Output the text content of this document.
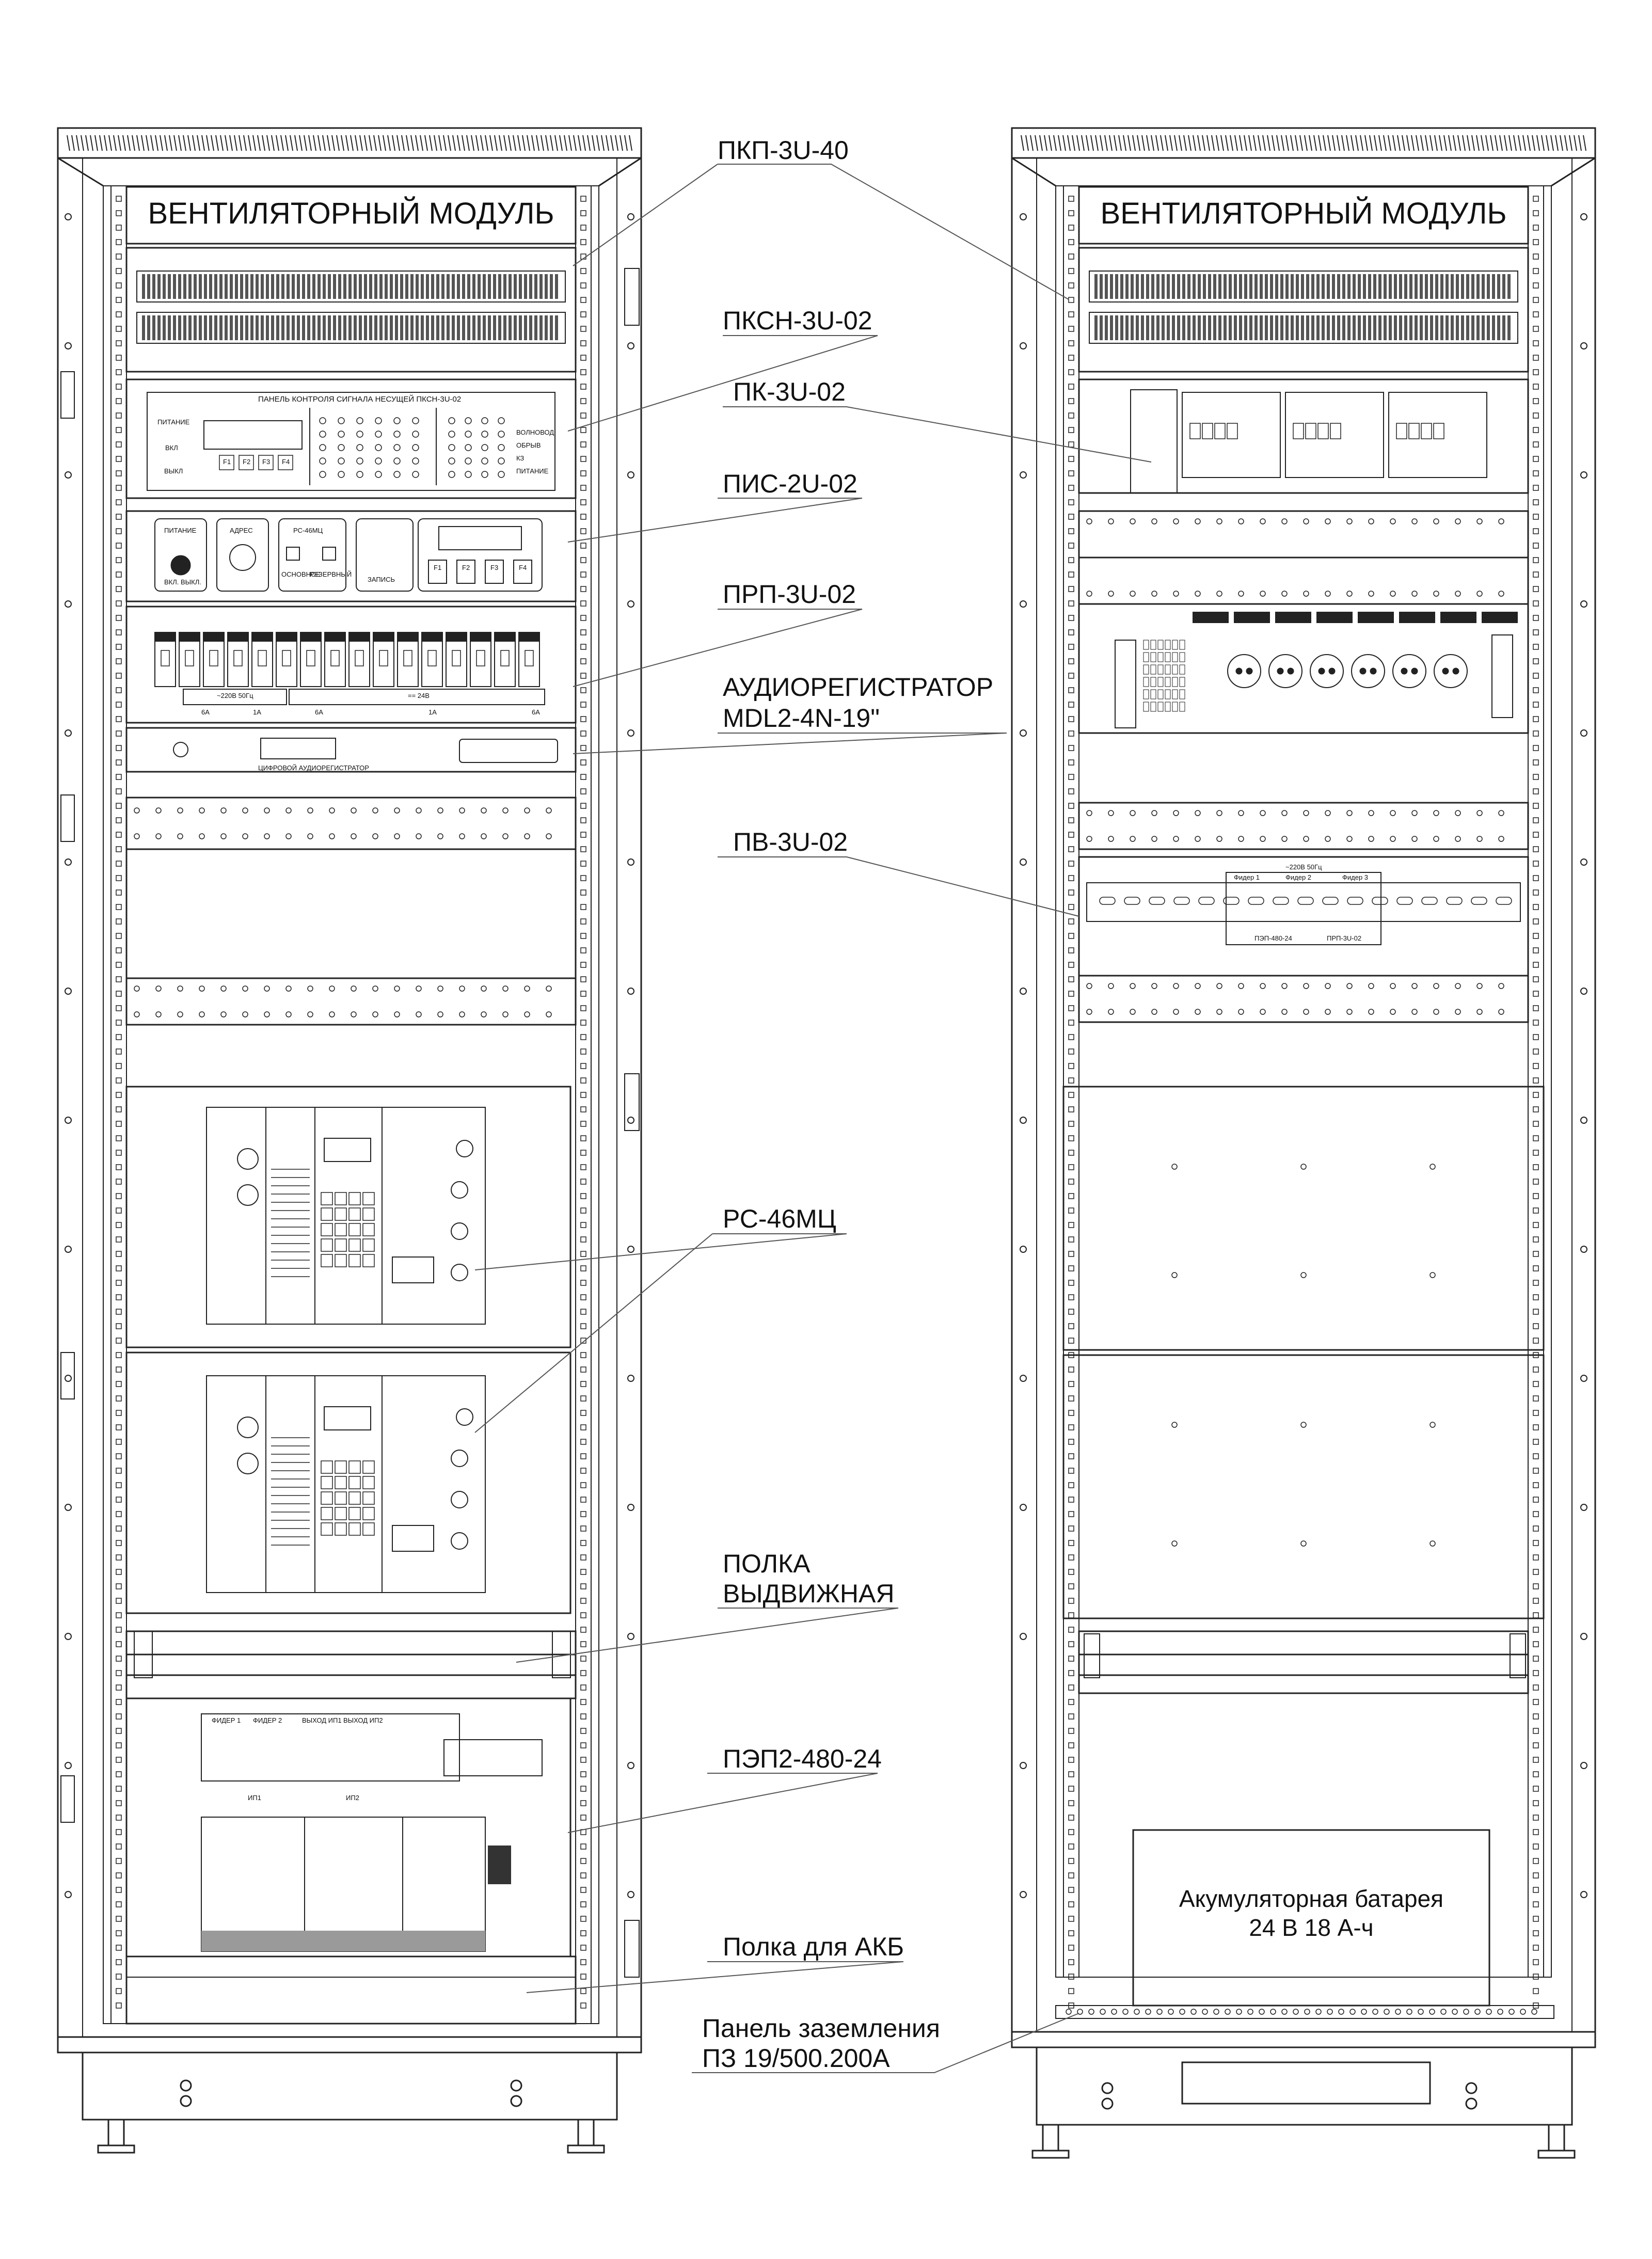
ВЕНТИЛЯТОРНЫЙ МОДУЛЬ	ВЕНТИЛЯТОРНЫЙ МОДУЛЬ
ПАНЕЛЬ КОНТРОЛЯ СИГНАЛА НЕСУЩЕЙ ПКСН-3U-02
ПИТАНИЕ
ВКЛ
ВЫКЛ
F1 F2 F3 F4
ВОЛНОВОД
ОБРЫВ
КЗ
ПИТАНИЕ
ПИТАНИЕ
ВКЛ. ВЫКЛ.
АДРЕС	РС-46МЦ
ОСНОВНОЕ
РЕЗЕРВНЫЙ
ЗАПИСЬ
F1	F2	F3	F4
~220В 50Гц	== 24В
6А	1А	6А	1А	6А
ЦИФРОВОЙ АУДИОРЕГИСТРАТОР
ФИДЕР 1 ФИДЕР 2	ВЫХОД ИП1 ВЫХОД ИП2
ИП1	ИП2
~220В 50Гц
Фидер 1	Фидер 2	Фидер 3
ПЭП-480-24	ПРП-3U-02
Акумуляторная батарея 24 В 18 А-ч
ПКП-3U-40
ПКСН-3U-02
ПК-3U-02
ПИС-2U-02
ПРП-3U-02
АУДИОРЕГИСТРАТОР
MDL2-4N-19"
ПВ-3U-02
РС-46МЦ
ПОЛКА
ВЫДВИЖНАЯ
ПЭП2-480-24
Полка для АКБ
Панель заземления
ПЗ 19/500.200А
